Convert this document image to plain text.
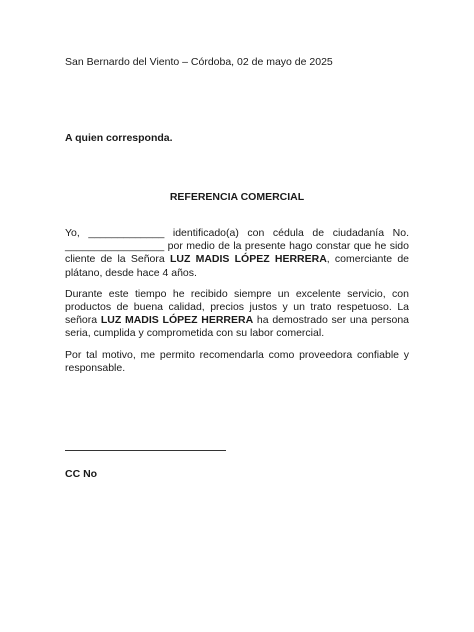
San Bernardo del Viento – Córdoba, 02 de mayo de 2025
A quien corresponda.
REFERENCIA COMERCIAL

Yo, _____________ identificado(a) con cédula de ciudadanía No. _________________ por medio de la presente hago constar que he sido cliente de la Señora LUZ MADIS LÓPEZ HERRERA, comerciante de plátano, desde hace 4 años.

Durante este tiempo he recibido siempre un excelente servicio, con productos de buena calidad, precios justos y un trato respetuoso. La señora LUZ MADIS LÓPEZ HERRERA ha demostrado ser una persona seria, cumplida y comprometida con su labor comercial.

Por tal motivo, me permito recomendarla como proveedora confiable y responsable.

CC No
